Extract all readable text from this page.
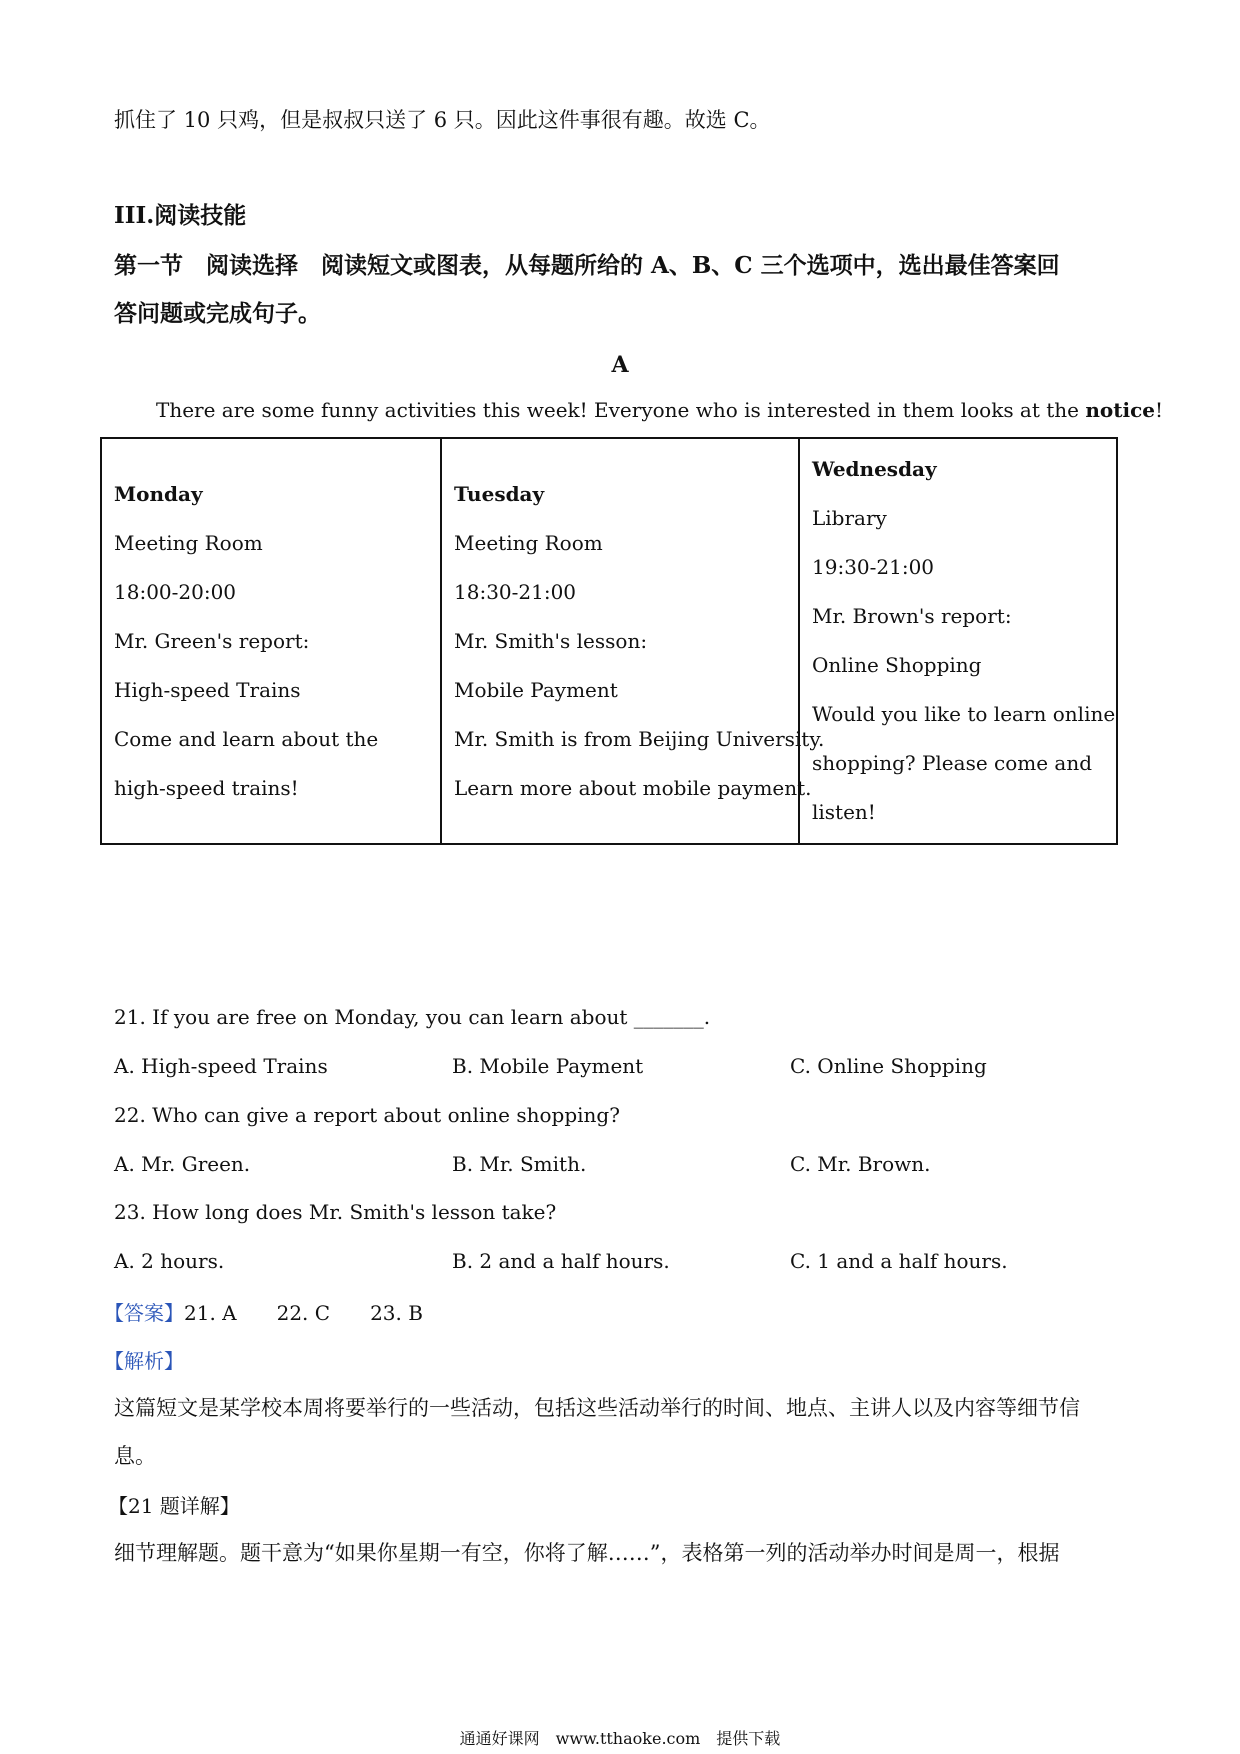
抓住了 10 只鸡，但是叔叔只送了 6 只。因此这件事很有趣。故选 C。
III.阅读技能
第一节　阅读选择　阅读短文或图表，从每题所给的 A、B、C 三个选项中，选出最佳答案回
答问题或完成句子。
A
There are some funny activities this week! Everyone who is interested in them looks at the notice!
Monday
Meeting Room
18:00-20:00
Mr. Green's report:
High-speed Trains
Come and learn about the
high-speed trains!

Tuesday
Meeting Room
18:30-21:00
Mr. Smith's lesson:
Mobile Payment
Mr. Smith is from Beijing University.
Learn more about mobile payment.

Wednesday
Library
19:30-21:00
Mr. Brown's report:
Online Shopping
Would you like to learn online
shopping? Please come and
listen!
21. If you are free on Monday, you can learn about _______.
A. High-speed Trains	B. Mobile Payment	C. Online Shopping
22. Who can give a report about online shopping?
A. Mr. Green.	B. Mr. Smith.	C. Mr. Brown.
23. How long does Mr. Smith's lesson take?
A. 2 hours.	B. 2 and a half hours.	C. 1 and a half hours.
【答案】21. A　　22. C　　23. B
【解析】
这篇短文是某学校本周将要举行的一些活动，包括这些活动举行的时间、地点、主讲人以及内容等细节信
息。
【21 题详解】
细节理解题。题干意为“如果你星期一有空，你将了解……”，表格第一列的活动举办时间是周一，根据
通通好课网　www.tthaoke.com　提供下载
